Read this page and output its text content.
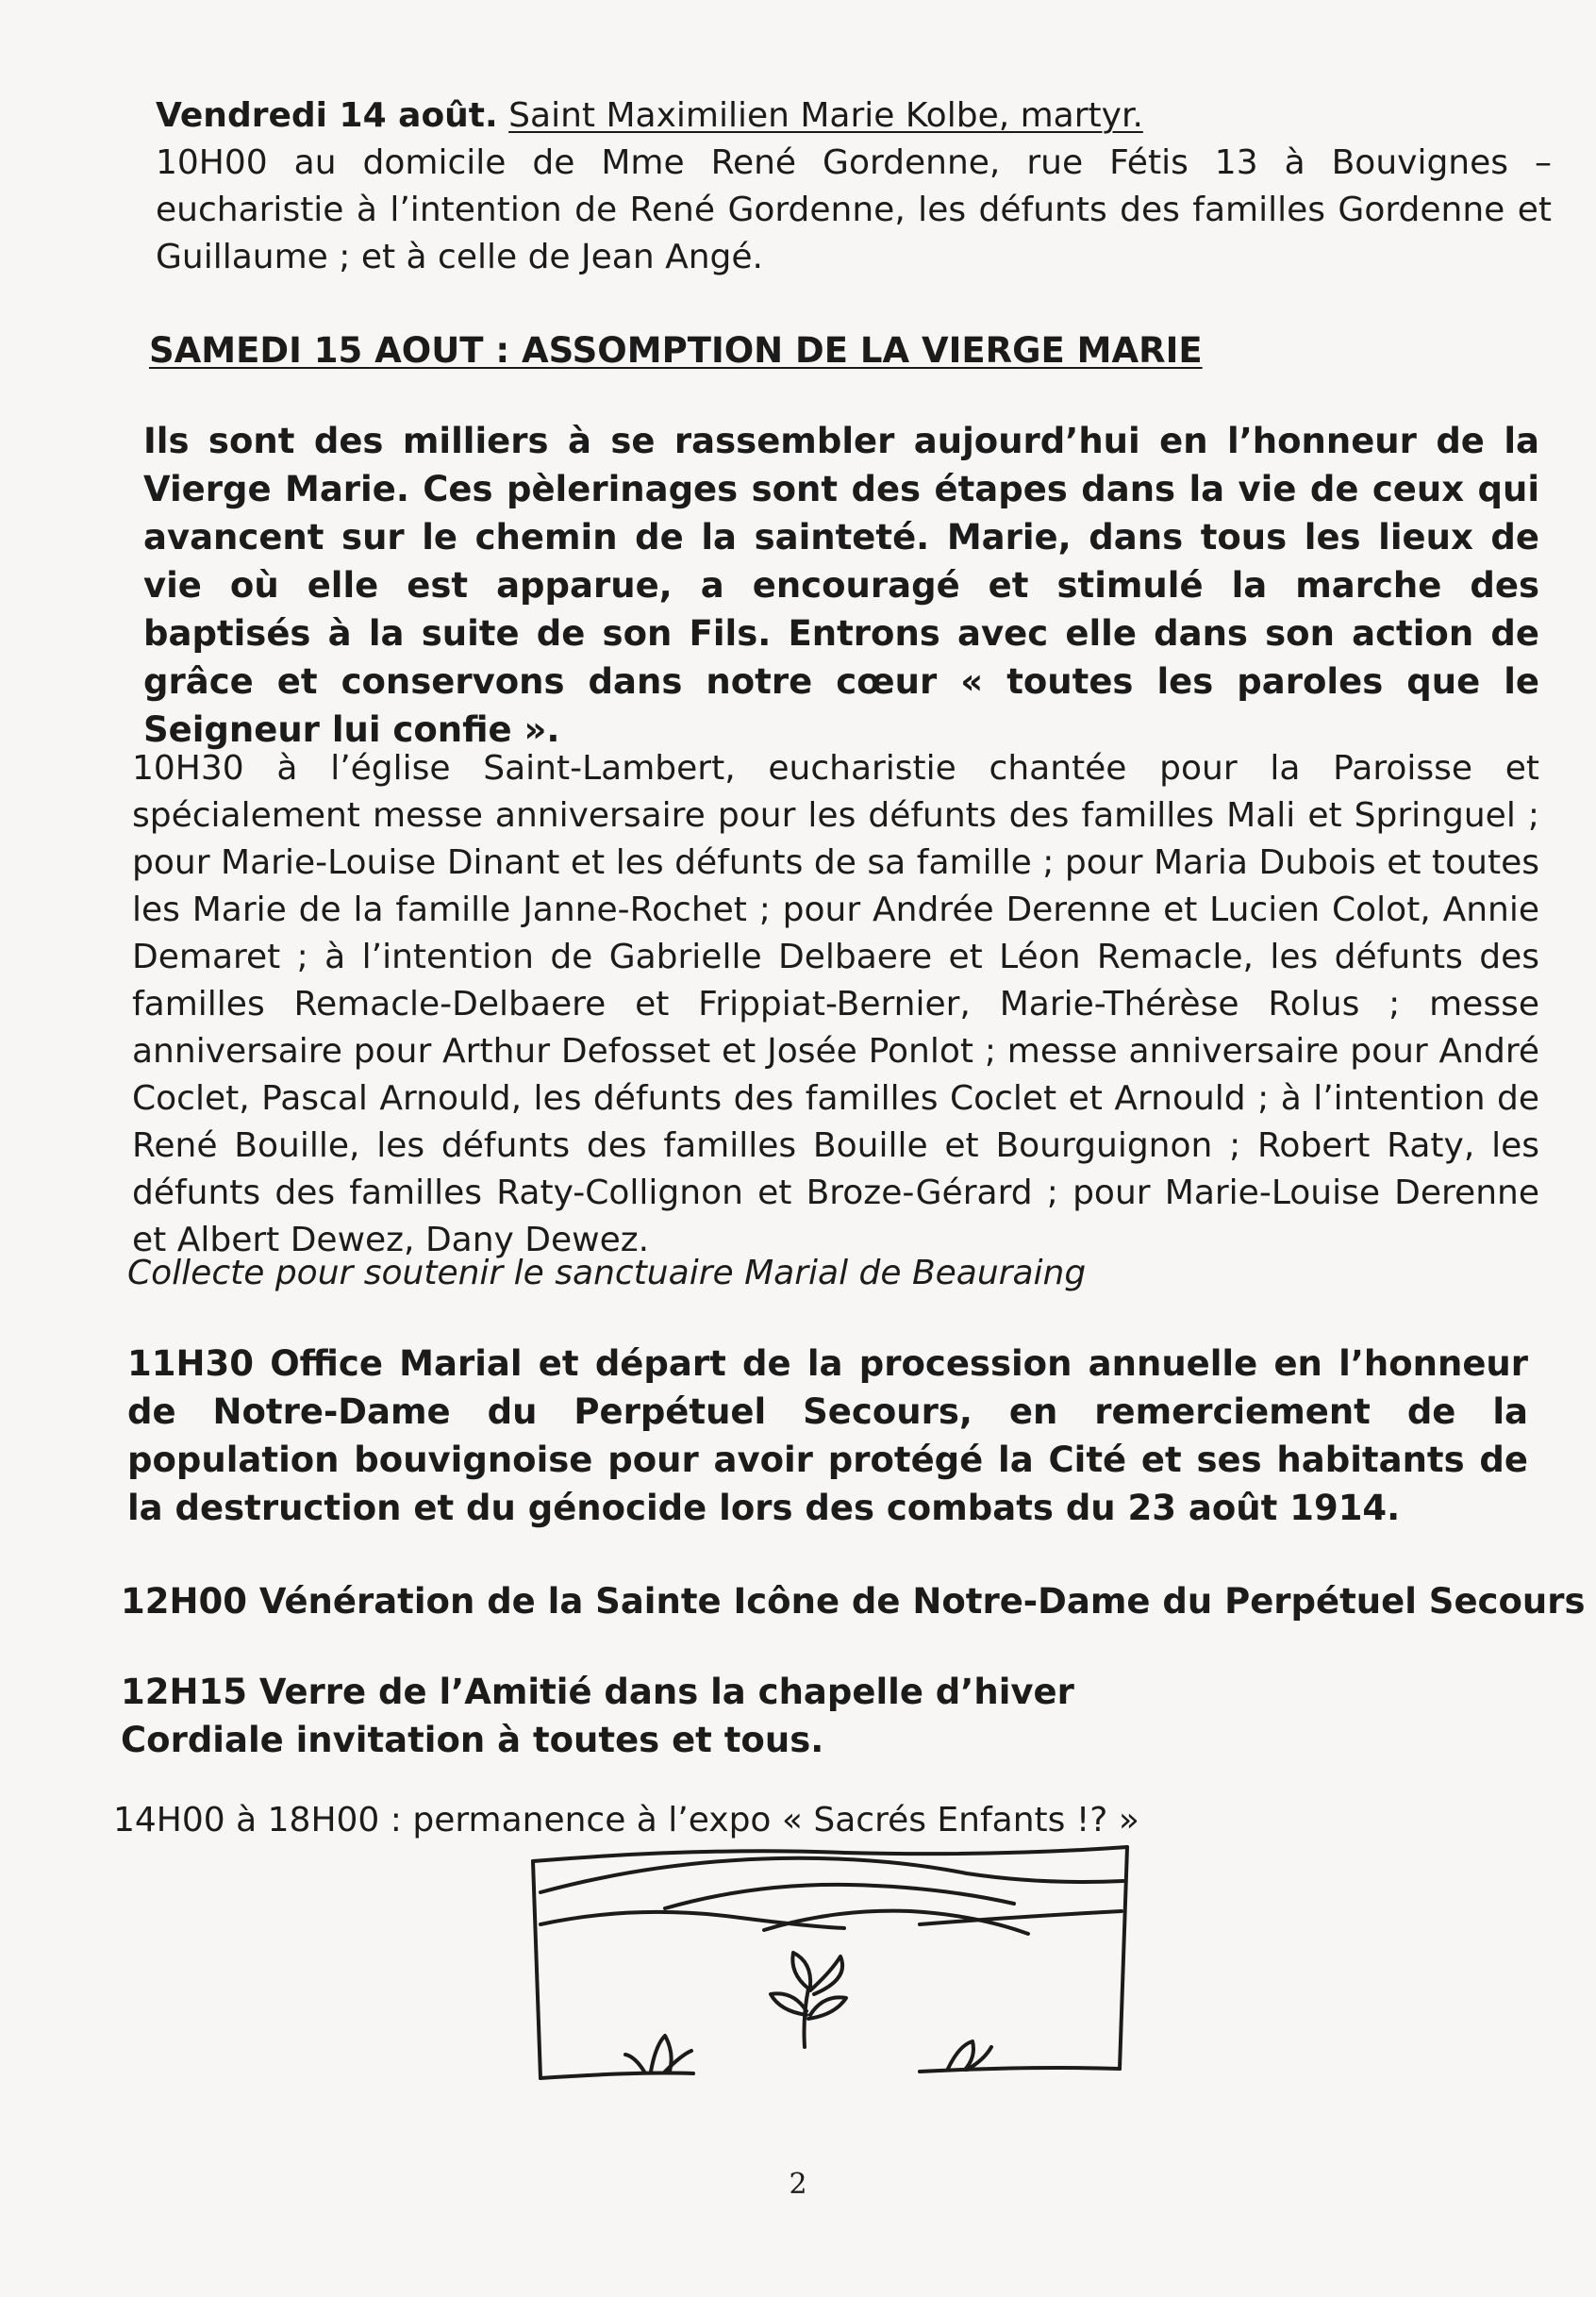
Vendredi 14 août. Saint Maximilien Marie Kolbe, martyr.

10H00 au domicile de Mme René Gordenne, rue Fétis 13 à Bouvignes – eucharistie à l’intention de René Gordenne, les défunts des familles Gordenne et Guillaume ; et à celle de Jean Angé.

SAMEDI 15 AOUT : ASSOMPTION DE LA VIERGE MARIE
Ils sont des milliers à se rassembler aujourd’hui en l’honneur de la Vierge Marie. Ces pèlerinages sont des étapes dans la vie de ceux qui avancent sur le chemin de la sainteté. Marie, dans tous les lieux de vie où elle est apparue, a encouragé et stimulé la marche des baptisés à la suite de son Fils. Entrons avec elle dans son action de grâce et conservons dans notre cœur « toutes les paroles que le Seigneur lui confie ».
10H30 à l’église Saint-Lambert, eucharistie chantée pour la Paroisse et spécialement messe anniversaire pour les défunts des familles Mali et Springuel ; pour Marie-Louise Dinant et les défunts de sa famille ; pour Maria Dubois et toutes les Marie de la famille Janne-Rochet ; pour Andrée Derenne et Lucien Colot, Annie Demaret ; à l’intention de Gabrielle Delbaere et Léon Remacle, les défunts des familles Remacle-Delbaere et Frippiat-Bernier, Marie-Thérèse Rolus ; messe anniversaire pour Arthur Defosset et Josée Ponlot ; messe anniversaire pour André Coclet, Pascal Arnould, les défunts des familles Coclet et Arnould ; à l’intention de René Bouille, les défunts des familles Bouille et Bourguignon ; Robert Raty, les défunts des familles Raty-Collignon et Broze-Gérard ; pour Marie-Louise Derenne et Albert Dewez, Dany Dewez.
Collecte pour soutenir le sanctuaire Marial de Beauraing
11H30 Office Marial et départ de la procession annuelle en l’honneur de Notre-Dame du Perpétuel Secours, en remerciement de la population bouvignoise pour avoir protégé la Cité et ses habitants de la destruction et du génocide lors des combats du 23 août 1914.
12H00 Vénération de la Sainte Icône de Notre-Dame du Perpétuel Secours

12H15 Verre de l’Amitié dans la chapelle d’hiver

Cordiale invitation à toutes et tous.

14H00 à 18H00 : permanence à l’expo « Sacrés Enfants !? »
2
